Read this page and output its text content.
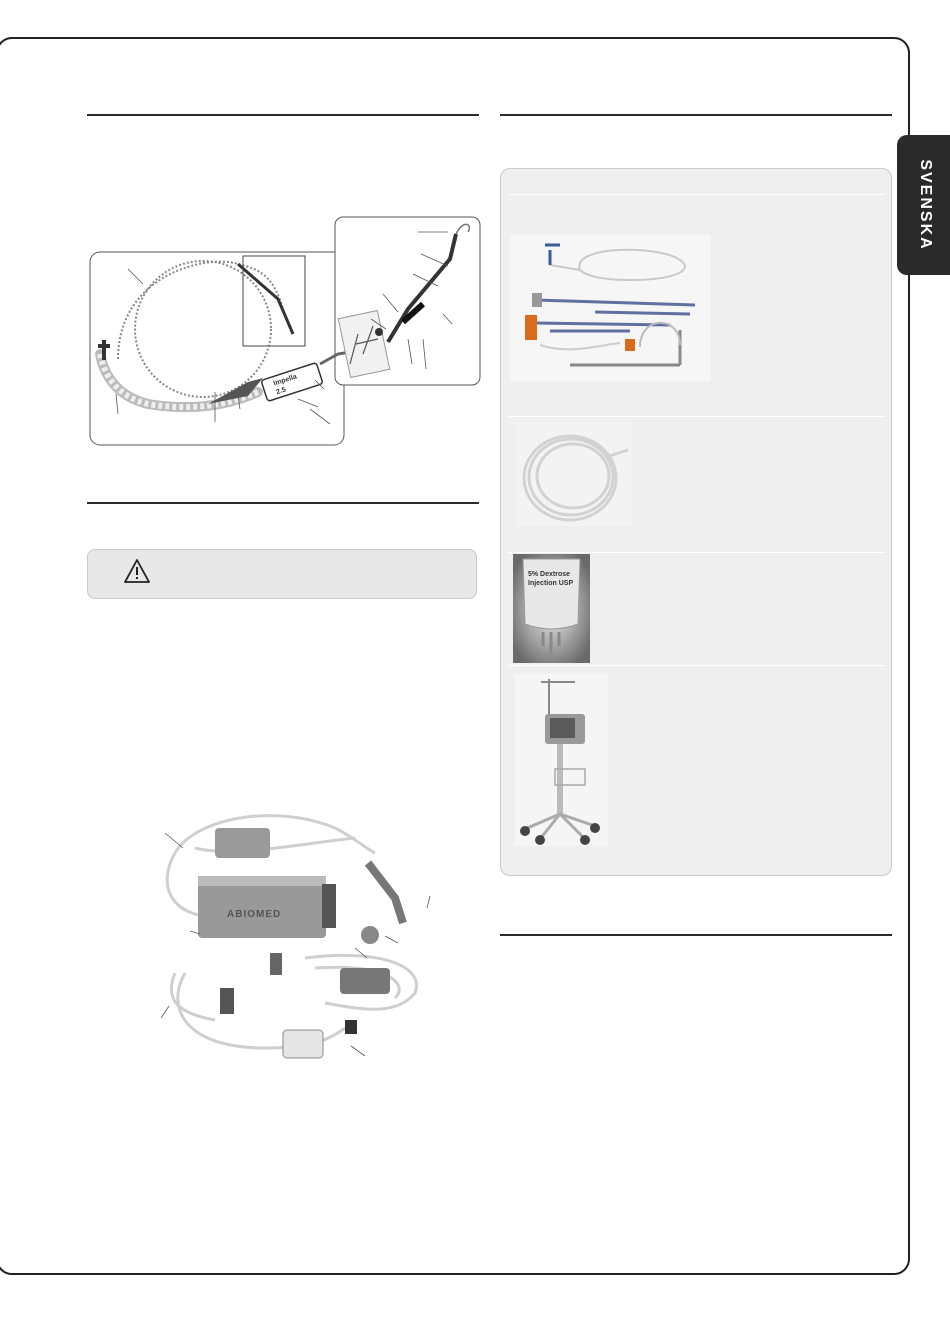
SVENSKA
Impella
2.5
ABIOMED
5% Dextrose
Injection USP
